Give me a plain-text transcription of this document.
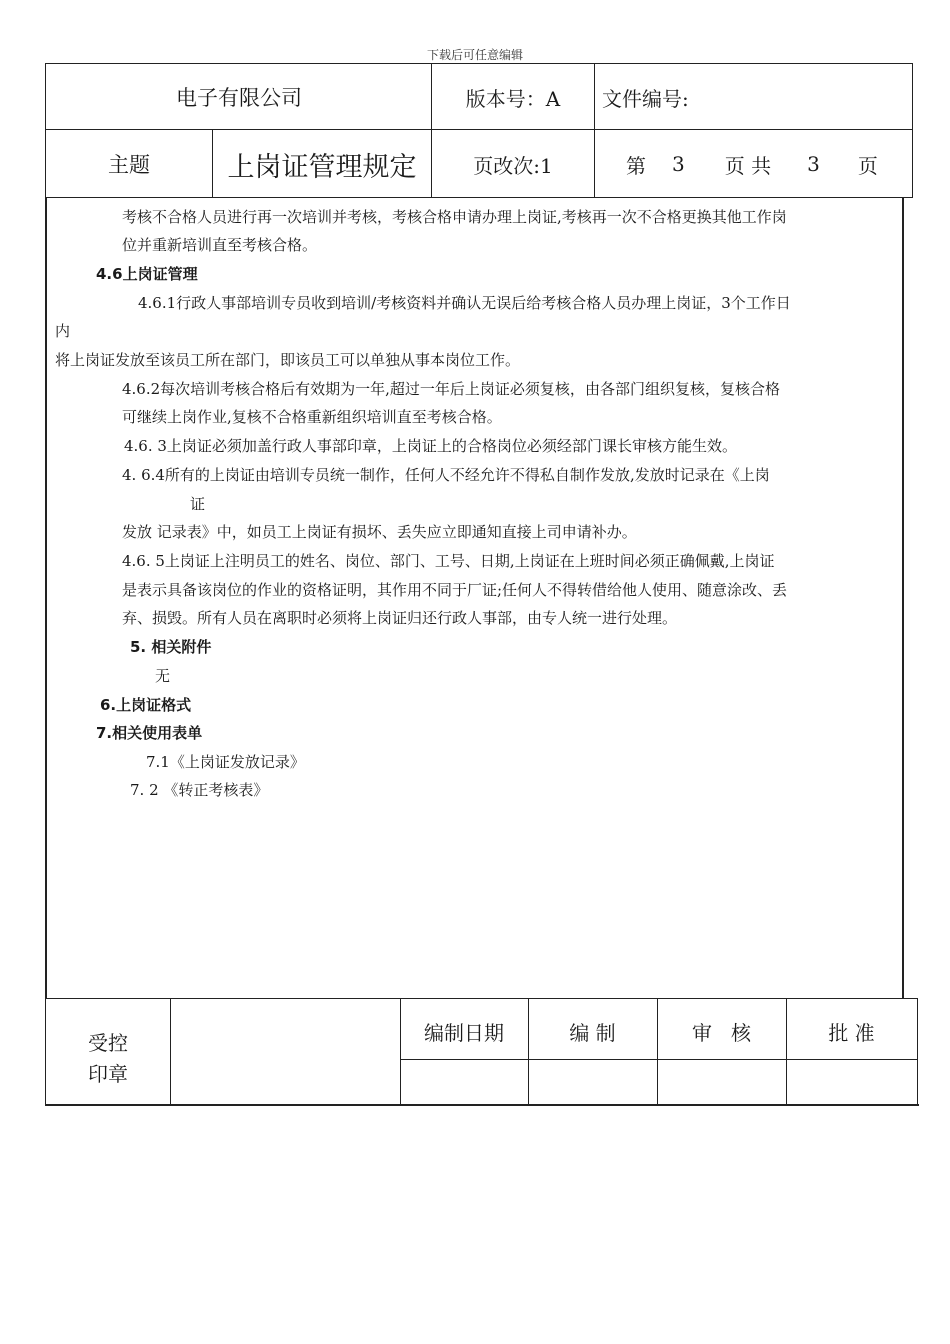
下载后可任意编辑
电子有限公司	版本号：A	文件编号:
主题	上岗证管理规定	页改次:1	第 3 页 共 3 页
考核不合格人员进行再一次培训并考核，考核合格申请办理上岗证,考核再一次不合格更换其他工作岗
位并重新培训直至考核合格。
4.6上岗证管理
4.6.1行政人事部培训专员收到培训/考核资料并确认无误后给考核合格人员办理上岗证，3个工作日
内
将上岗证发放至该员工所在部门，即该员工可以单独从事本岗位工作。
4.6.2每次培训考核合格后有效期为一年,超过一年后上岗证必须复核，由各部门组织复核，复核合格
可继续上岗作业,复核不合格重新组织培训直至考核合格。
4.6. 3上岗证必须加盖行政人事部印章，上岗证上的合格岗位必须经部门课长审核方能生效。
4. 6.4所有的上岗证由培训专员统一制作，任何人不经允许不得私自制作发放,发放时记录在《上岗
证
发放 记录表》中，如员工上岗证有损坏、丢失应立即通知直接上司申请补办。
4.6. 5上岗证上注明员工的姓名、岗位、部门、工号、日期,上岗证在上班时间必须正确佩戴,上岗证
是表示具备该岗位的作业的资格证明，其作用不同于厂证;任何人不得转借给他人使用、随意涂改、丢
弃、损毁。所有人员在离职时必须将上岗证归还行政人事部，由专人统一进行处理。
5. 相关附件
无
6.上岗证格式
7.相关使用表单
7.1《上岗证发放记录》
7. 2 《转正考核表》
受控
印章
编制日期	编 制	审   核	批 准
